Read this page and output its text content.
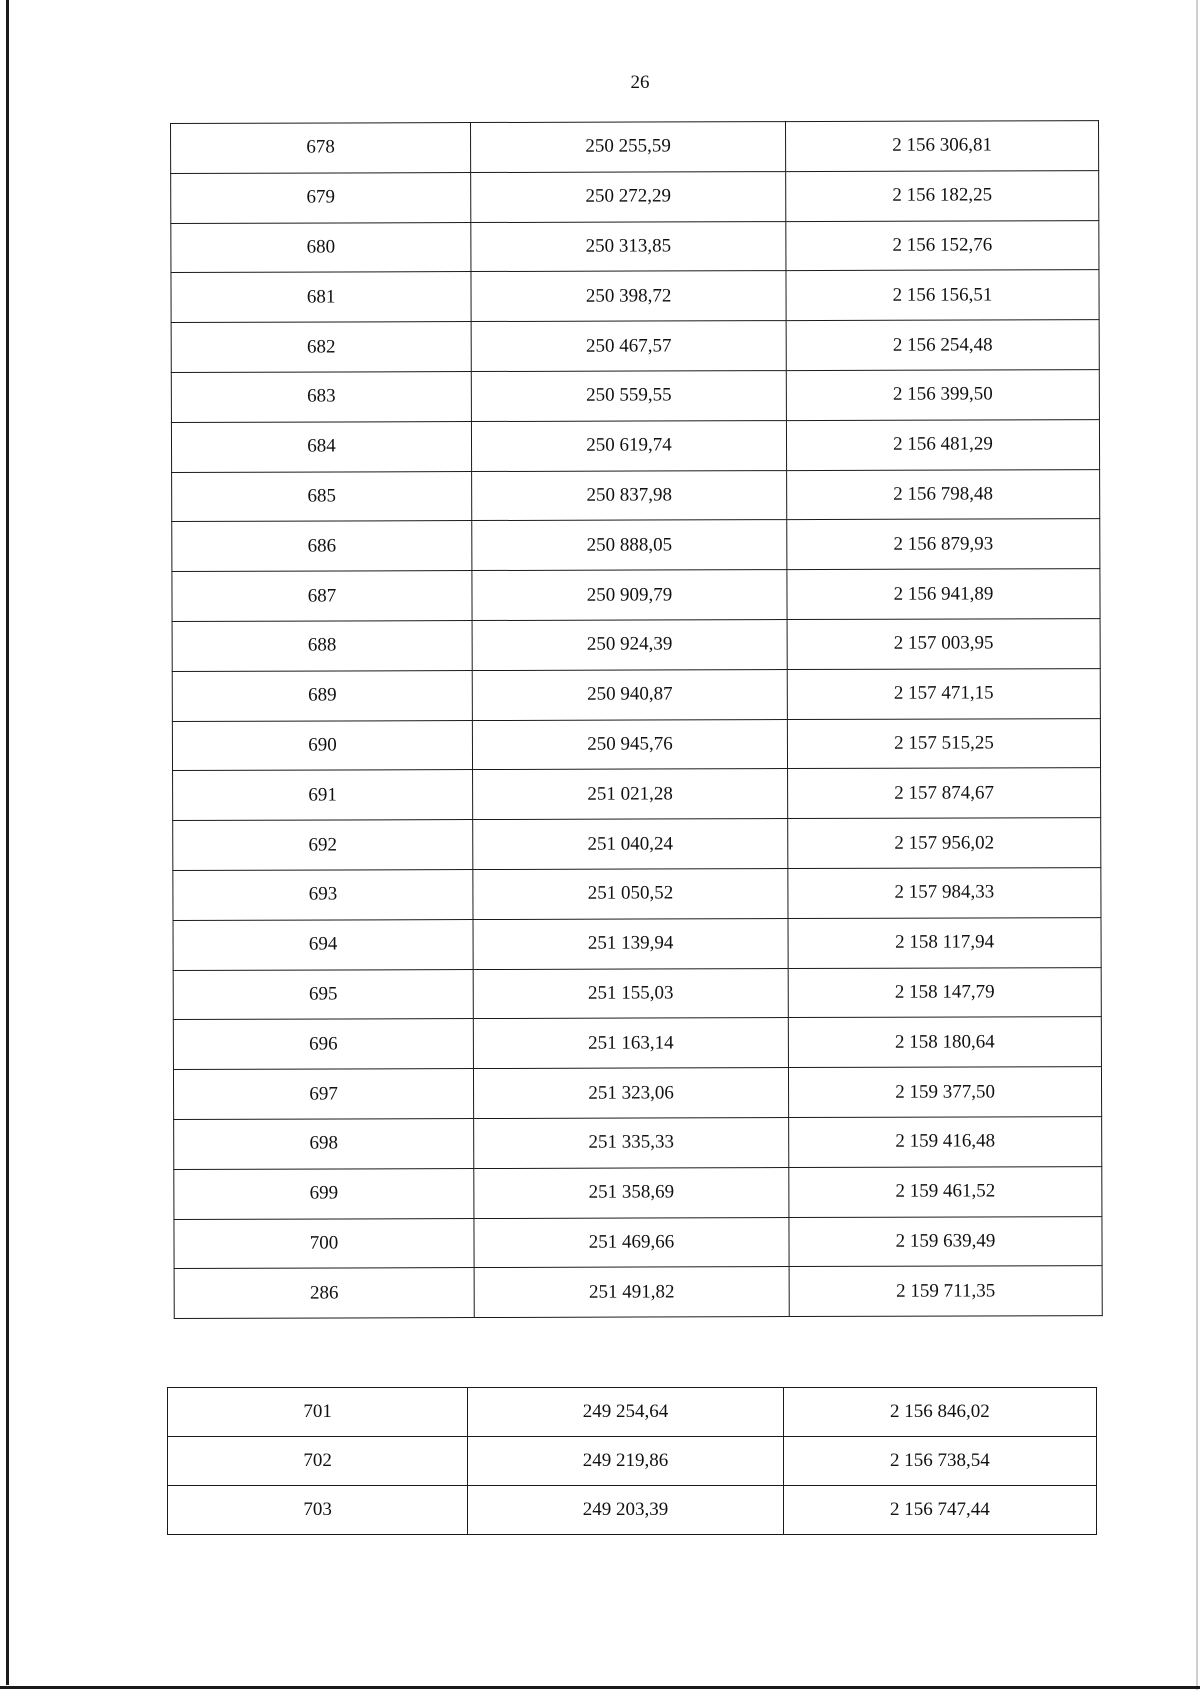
26
678	250 255,59	2 156 306,81
679	250 272,29	2 156 182,25
680	250 313,85	2 156 152,76
681	250 398,72	2 156 156,51
682	250 467,57	2 156 254,48
683	250 559,55	2 156 399,50
684	250 619,74	2 156 481,29
685	250 837,98	2 156 798,48
686	250 888,05	2 156 879,93
687	250 909,79	2 156 941,89
688	250 924,39	2 157 003,95
689	250 940,87	2 157 471,15
690	250 945,76	2 157 515,25
691	251 021,28	2 157 874,67
692	251 040,24	2 157 956,02
693	251 050,52	2 157 984,33
694	251 139,94	2 158 117,94
695	251 155,03	2 158 147,79
696	251 163,14	2 158 180,64
697	251 323,06	2 159 377,50
698	251 335,33	2 159 416,48
699	251 358,69	2 159 461,52
700	251 469,66	2 159 639,49
286	251 491,82	2 159 711,35
701	249 254,64	2 156 846,02
702	249 219,86	2 156 738,54
703	249 203,39	2 156 747,44
